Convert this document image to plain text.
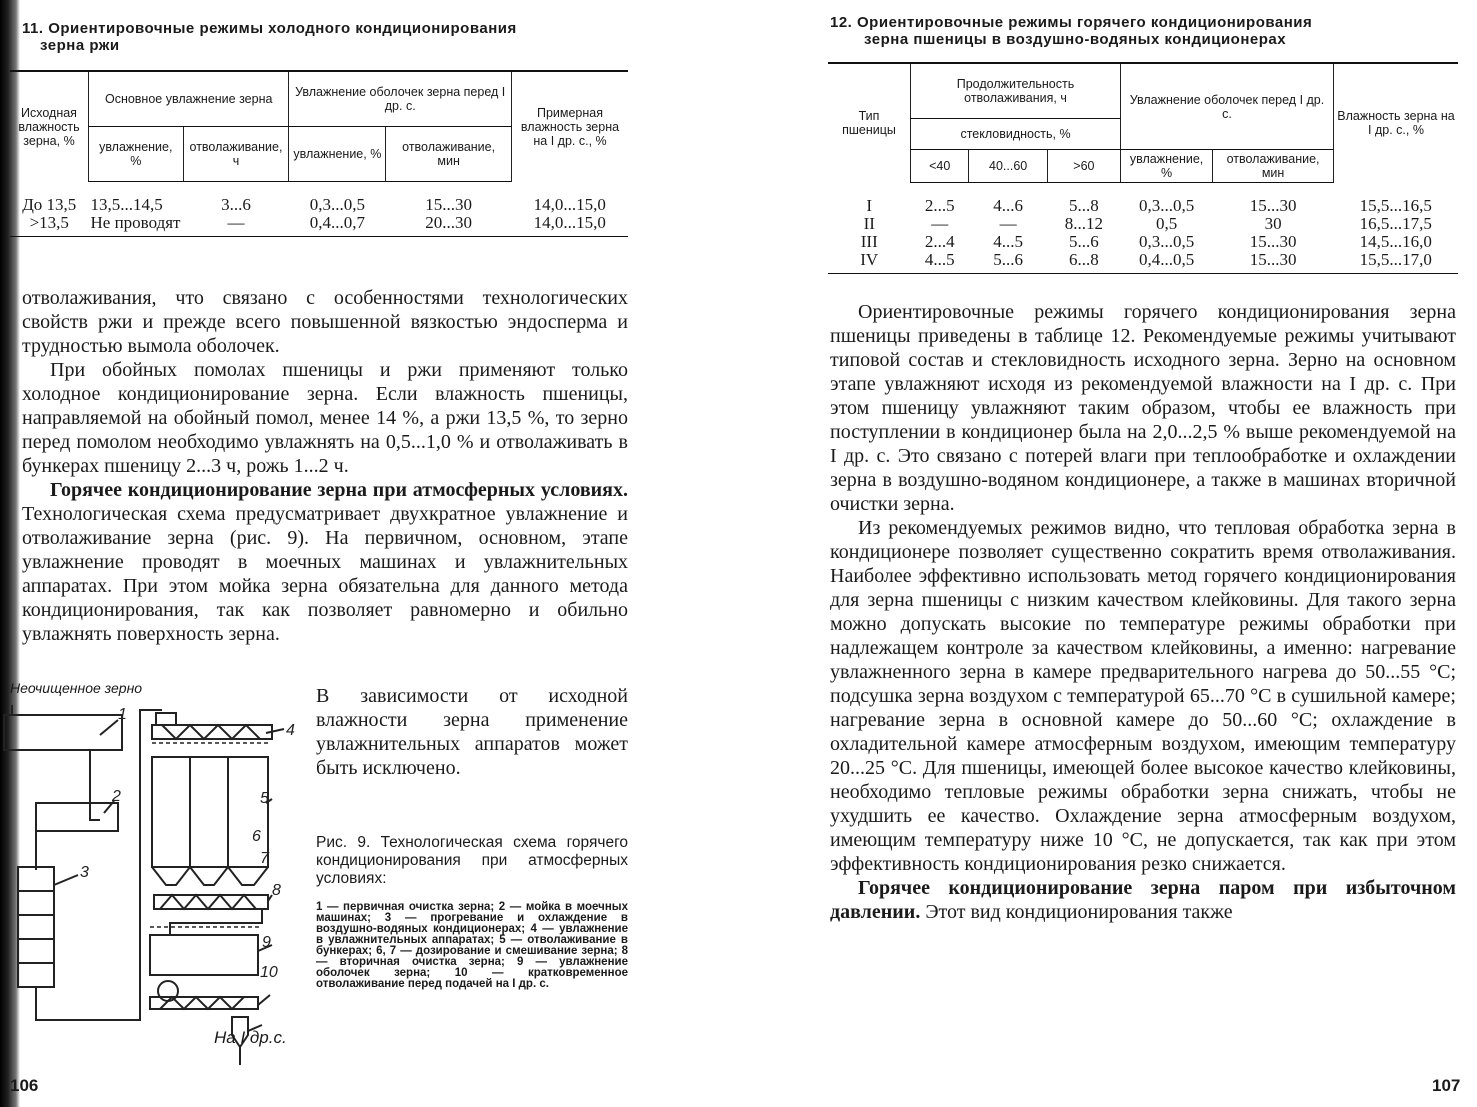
11. Ориентировочные режимы холодного кондиционирования
зерна ржи
Исходная влажность зерна, %	Основное увлажнение зерна		Увлажнение оболочек зерна перед I др. с.		Примерная влажность зерна на I др. с., %
	увлажнение, %	отволаживание, ч	увлажнение, %	отволаживание, мин	
До 13,5	13,5...14,5	3...6	0,3...0,5	15...30	14,0...15,0
>13,5	Не проводят	—	0,4...0,7	20...30	14,0...15,0

отволаживания, что связано с особенностями технологических свойств ржи и прежде всего повышенной вязкостью эндосперма и трудностью вымола оболочек.

При обойных помолах пшеницы и ржи применяют только холодное кондиционирование зерна. Если влажность пшеницы, направляемой на обойный помол, менее 14 %, а ржи 13,5 %, то зерно перед помолом необходимо увлажнять на 0,5...1,0 % и отволаживать в бункерах пшеницу 2...3 ч, рожь 1...2 ч.

Горячее кондиционирование зерна при атмосферных условиях. Технологическая схема предусматривает двухкратное увлажнение и отволаживание зерна (рис. 9). На первичном, основном, этапе увлажнение проводят в моечных машинах и увлажнительных аппаратах. При этом мойка зерна обязательна для данного метода кондиционирования, так как позволяет равномерно и обильно увлажнять поверхность зерна.

В зависимости от исходной влажности зерна применение увлажнительных аппаратов может быть исключено.

Неочищенное зерно
1
2
3
4
5
6
7
8
9
10
На I др.с.
Рис. 9. Технологическая схема горячего кондиционирования при атмосферных условиях:
1 — первичная очистка зерна; 2 — мойка в моечных машинах; 3 — прогревание и охлаждение в воздушно-водяных кондиционерах; 4 — увлажнение в увлажнительных аппаратах; 5 — отволаживание в бункерах; 6, 7 — дозирование и смешивание зерна; 8 — вторичная очистка зерна; 9 — увлажнение оболочек зерна; 10 — кратковременное отволаживание перед подачей на I др. с.
106
12. Ориентировочные режимы горячего кондиционирования
зерна пшеницы в воздушно-водяных кондиционерах
Тип пшеницы	Продолжительность отволаживания, ч			Увлажнение оболочек перед I др. с.		Влажность зерна на I др. с., %
	стекловидность, %					
	<40	40...60	>60	увлажнение, %	отволаживание, мин	
I	2...5	4...6	5...8	0,3...0,5	15...30	15,5...16,5
II	—	—	8...12	0,5	30	16,5...17,5
III	2...4	4...5	5...6	0,3...0,5	15...30	14,5...16,0
IV	4...5	5...6	6...8	0,4...0,5	15...30	15,5...17,0

Ориентировочные режимы горячего кондиционирования зерна пшеницы приведены в таблице 12. Рекомендуемые режимы учитывают типовой состав и стекловидность исходного зерна. Зерно на основном этапе увлажняют исходя из рекомендуемой влажности на I др. с. При этом пшеницу увлажняют таким образом, чтобы ее влажность при поступлении в кондиционер была на 2,0...2,5 % выше рекомендуемой на I др. с. Это связано с потерей влаги при теплообработке и охлаждении зерна в воздушно-водяном кондиционере, а также в машинах вторичной очистки зерна.

Из рекомендуемых режимов видно, что тепловая обработка зерна в кондиционере позволяет существенно сократить время отволаживания. Наиболее эффективно использовать метод горячего кондиционирования для зерна пшеницы с низким качеством клейковины. Для такого зерна можно допускать высокие по температуре режимы обработки при надлежащем контроле за качеством клейковины, а именно: нагревание увлажненного зерна в камере предварительного нагрева до 50...55 °С; подсушка зерна воздухом с температурой 65...70 °С в сушильной камере; нагревание зерна в основной камере до 50...60 °С; охлаждение в охладительной камере атмосферным воздухом, имеющим температуру 20...25 °С. Для пшеницы, имеющей более высокое качество клейковины, необходимо тепловые режимы обработки зерна снижать, чтобы не ухудшить ее качество. Охлаждение зерна атмосферным воздухом, имеющим температуру ниже 10 °С, не допускается, так как при этом эффективность кондиционирования резко снижается.

Горячее кондиционирование зерна паром при избыточном давлении. Этот вид кондиционирования также

107
